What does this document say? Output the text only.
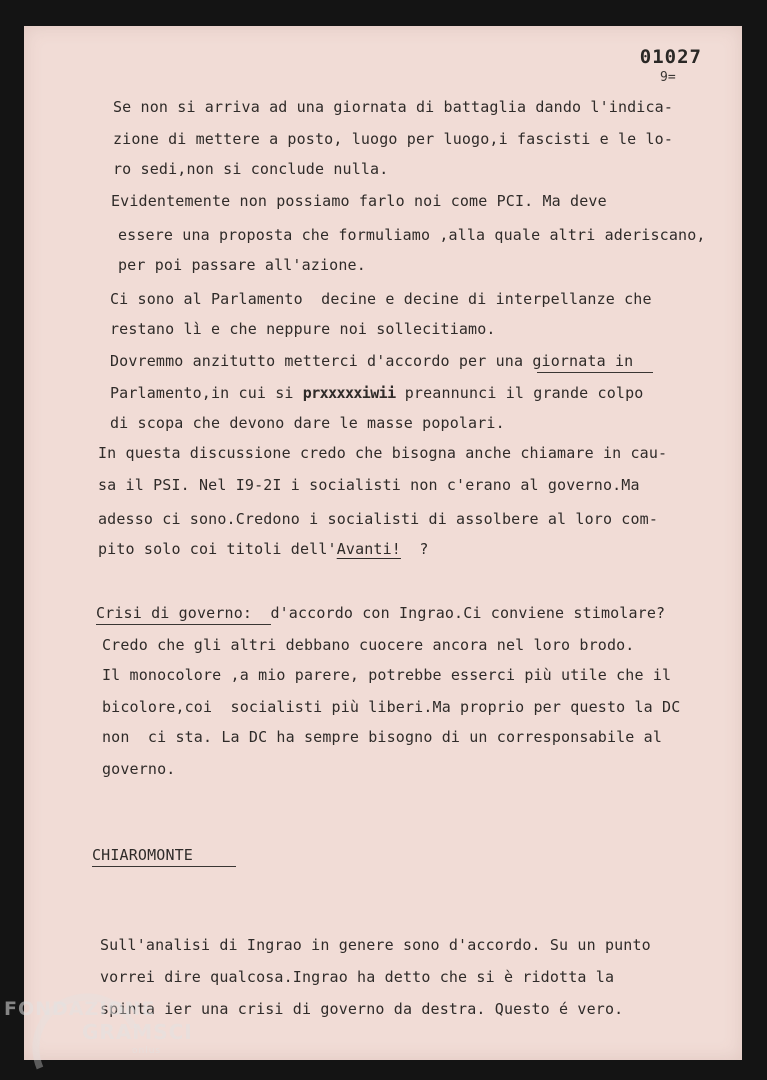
01027
9=
Se non si arriva ad una giornata di battaglia dando l'indica-
zione di mettere a posto, luogo per luogo,i fascisti e le lo-
ro sedi,non si conclude nulla.
Evidentemente non possiamo farlo noi come PCI. Ma deve
essere una proposta che formuliamo ,alla quale altri aderiscano,
per poi passare all'azione.
Ci sono al Parlamento  decine e decine di interpellanze che
restano lì e che neppure noi sollecitiamo.
Dovremmo anzitutto metterci d'accordo per una giornata in
Parlamento,in cui si prxxxxxiwii preannunci il grande colpo
di scopa che devono dare le masse popolari.
In questa discussione credo che bisogna anche chiamare in cau-
sa il PSI. Nel I9-2I i socialisti non c'erano al governo.Ma
adesso ci sono.Credono i socialisti di assolbere al loro com-
pito solo coi titoli dell'Avanti!  ?
Crisi di governo:  d'accordo con Ingrao.Ci conviene stimolare?
Credo che gli altri debbano cuocere ancora nel loro brodo.
Il monocolore ,a mio parere, potrebbe esserci più utile che il
bicolore,coi  socialisti più liberi.Ma proprio per questo la DC
non  ci sta. La DC ha sempre bisogno di un corresponsabile al
governo.
CHIAROMONTE
Sull'analisi di Ingrao in genere sono d'accordo. Su un punto
vorrei dire qualcosa.Ingrao ha detto che si è ridotta la
spinta ier una crisi di governo da destra. Questo é vero.
FONDAZIONE
GRAMSCI
onlus
